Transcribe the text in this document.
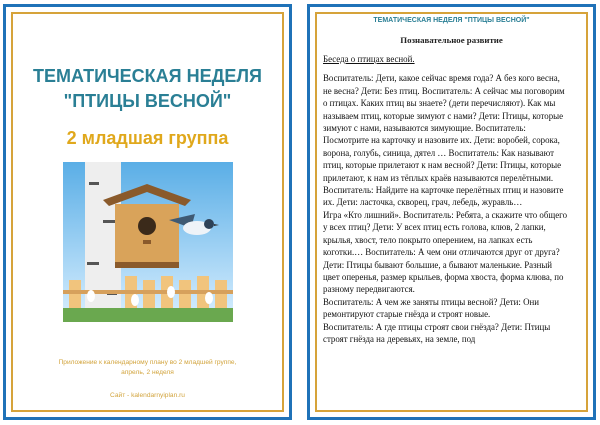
ТЕМАТИЧЕСКАЯ НЕДЕЛЯ
"ПТИЦЫ ВЕСНОЙ"
2 младшая группа
Приложение к календарному плану во 2 младшей группе,
апрель, 2 неделя
Сайт - kalendarnyiplan.ru
ТЕМАТИЧЕСКАЯ НЕДЕЛЯ "ПТИЦЫ ВЕСНОЙ"
Познавательное развитие
Беседа о птицах весной.

Воспитатель: Дети, какое сейчас время года? А без кого весна, не весна? Дети: Без птиц. Воспитатель: А сейчас мы поговорим о птицах. Каких птиц вы знаете? (дети перечисляют). Как мы называем птиц, которые зимуют с нами? Дети: Птицы, которые зимуют с нами, называются зимующие. Воспитатель: Посмотрите на карточку и назовите их. Дети: воробей, сорока, ворона, голубь, синица, дятел … Воспитатель: Как называют птиц, которые прилетают к нам весной? Дети: Птицы, которые прилетают, к нам из тёплых краёв называются перелётными. Воспитатель: Найдите на карточке перелётных птиц и назовите их. Дети: ласточка, скворец, грач, лебедь, журавль…

Игра «Кто лишний». Воспитатель: Ребята, а скажите что общего у всех птиц? Дети: У всех птиц есть голова, клюв, 2 лапки, крылья, хвост, тело покрыто оперением, на лапках есть коготки.… Воспитатель: А чем они отличаются друг от друга? Дети: Птицы бывают большие, а бывают маленькие. Разный цвет оперенья, размер крыльев, форма хвоста, форма клюва, по разному передвигаются.

Воспитатель: А чем же заняты птицы весной? Дети: Они ремонтируют старые гнёзда и строят новые.

Воспитатель: А где птицы строят свои гнёзда? Дети: Птицы строят гнёзда на деревьях, на земле, под
